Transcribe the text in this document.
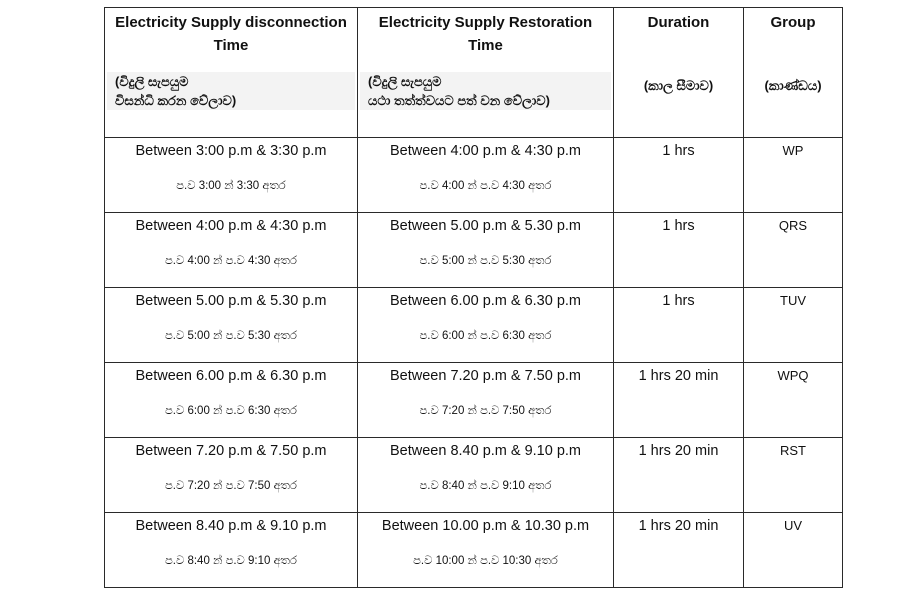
Electricity Supply disconnection Time
(විදුලි සැපයුම
විසන්ධි කරන වේලාව)	Electricity Supply Restoration Time
(විදුලි සැපයුම
යථා තත්ත්වයට පත් වන වේලාව)	Duration
(කාල සීමාව)	Group
(කාණ්ඩය)

Between 3:00 p.m & 3:30 p.m
ප.ව 3:00 න් 3:30 අතර	Between 4:00 p.m & 4:30 p.m
ප.ව 4:00 න් ප.ව 4:30 අතර	1 hrs	WP

Between 4:00 p.m & 4:30 p.m
ප.ව 4:00 න් ප.ව 4:30 අතර	Between 5.00 p.m & 5.30 p.m
ප.ව 5:00 න් ප.ව 5:30 අතර	1 hrs	QRS

Between 5.00 p.m & 5.30 p.m
ප.ව 5:00 න් ප.ව 5:30 අතර	Between 6.00 p.m & 6.30 p.m
ප.ව 6:00 න් ප.ව 6:30 අතර	1 hrs	TUV

Between 6.00 p.m & 6.30 p.m
ප.ව 6:00 න් ප.ව 6:30 අතර	Between 7.20 p.m & 7.50 p.m
ප.ව 7:20 න් ප.ව 7:50 අතර	1 hrs 20 min	WPQ

Between 7.20 p.m & 7.50 p.m
ප.ව 7:20 න් ප.ව 7:50 අතර	Between 8.40 p.m & 9.10 p.m
ප.ව 8:40 න් ප.ව 9:10 අතර	1 hrs 20 min	RST

Between 8.40 p.m & 9.10 p.m
ප.ව 8:40 න් ප.ව 9:10 අතර	Between 10.00 p.m & 10.30 p.m
ප.ව 10:00 න් ප.ව 10:30 අතර	1 hrs 20 min	UV
